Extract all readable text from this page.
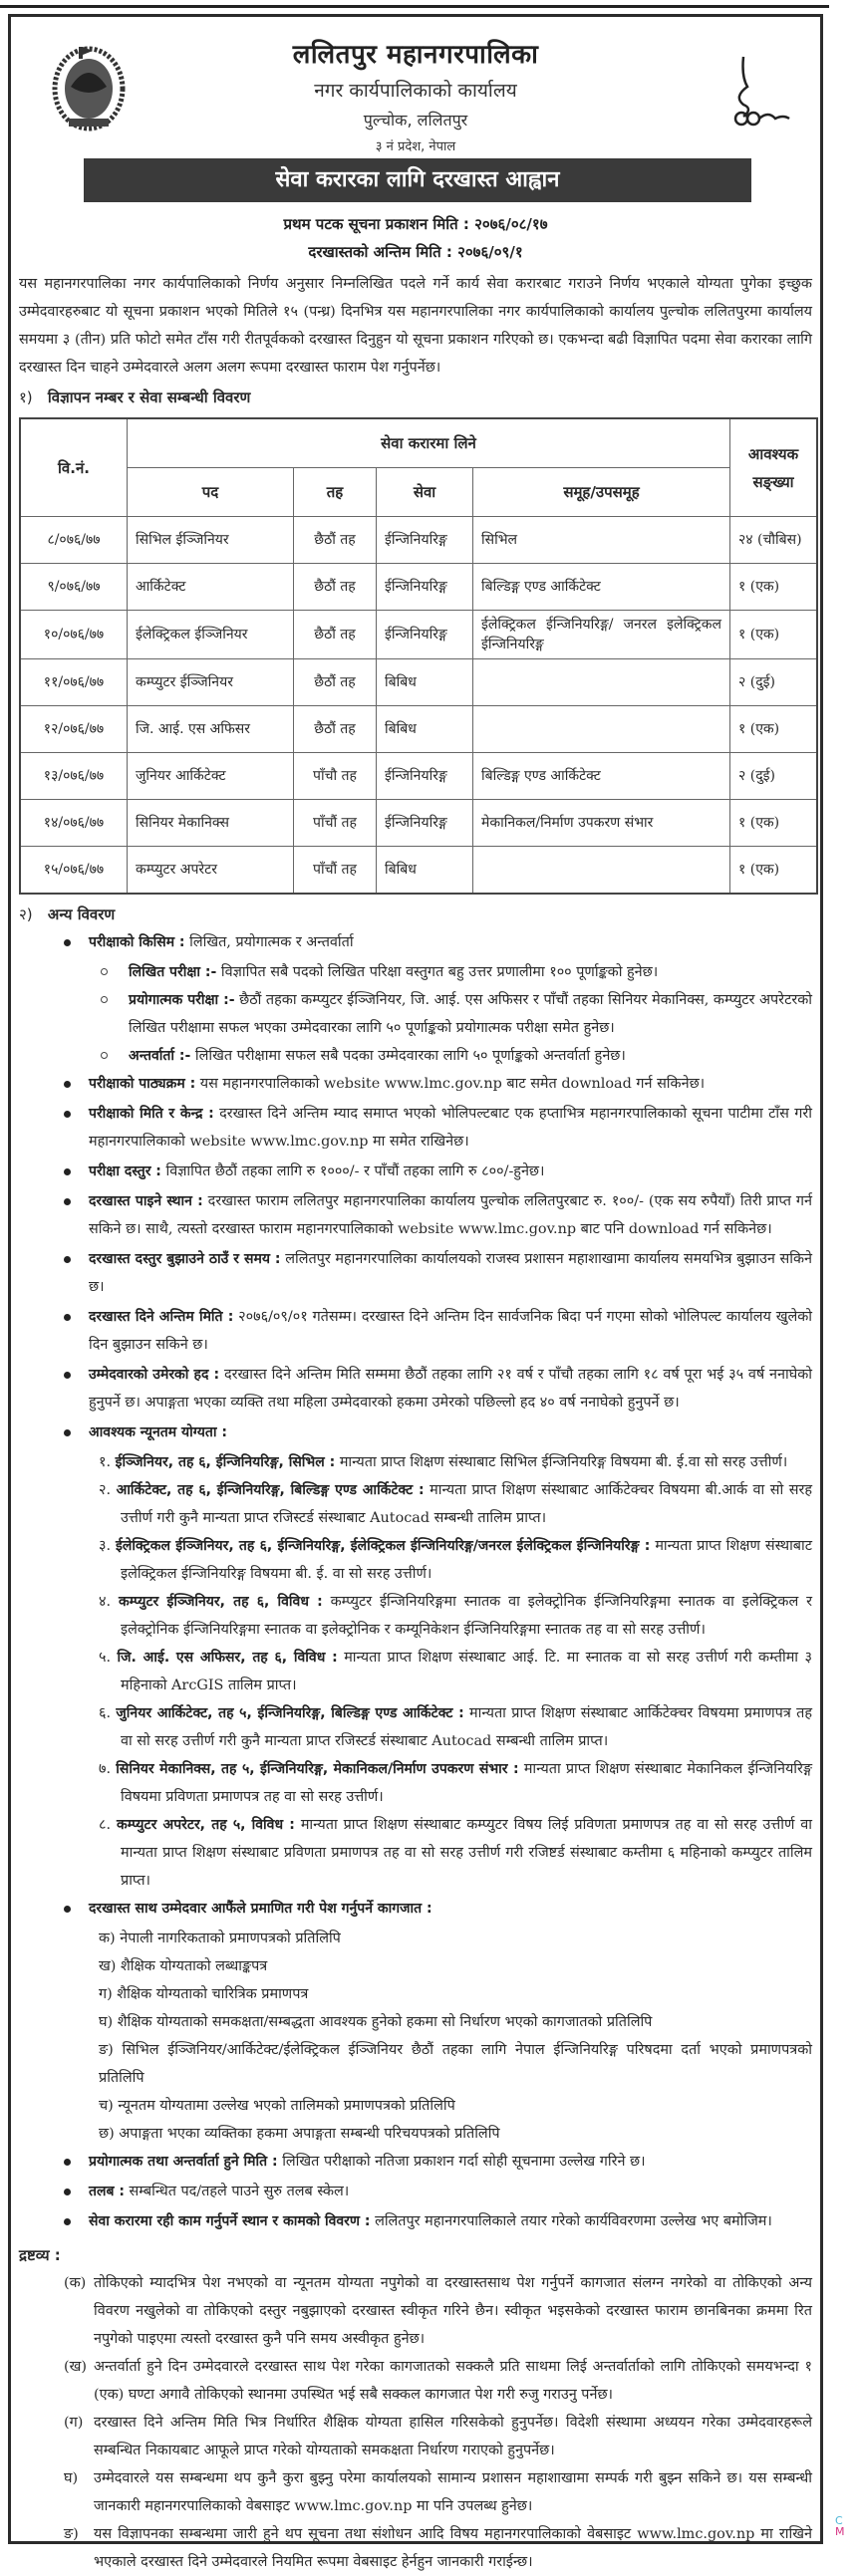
ललितपुर महानगरपालिका
नगर कार्यपालिकाको कार्यालय
पुल्चोक, ललितपुर
३ नं प्रदेश, नेपाल
सेवा करारका लागि दरखास्त आह्वान
प्रथम पटक सूचना प्रकाशन मिति : २०७६/०८/१७
दरखास्तको अन्तिम मिति : २०७६/०९/१

यस महानगरपालिका नगर कार्यपालिकाको निर्णय अनुसार निम्नलिखित पदले गर्ने कार्य सेवा करारबाट गराउने निर्णय भएकाले योग्यता पुगेका इच्छुक उम्मेदवारहरुबाट यो सूचना प्रकाशन भएको मितिले १५ (पन्ध्र) दिनभित्र यस महानगरपालिका नगर कार्यपालिकाको कार्यालय पुल्चोक ललितपुरमा कार्यालय समयमा ३ (तीन) प्रति फोटो समेत टाँस गरी रीतपूर्वकको दरखास्त दिनुहुन यो सूचना प्रकाशन गरिएको छ। एकभन्दा बढी विज्ञापित पदमा सेवा करारका लागि दरखास्त दिन चाहने उम्मेदवारले अलग अलग रूपमा दरखास्त फाराम पेश गर्नुपर्नेछ।

१) विज्ञापन नम्बर र सेवा सम्बन्धी विवरण
वि.नं.	सेवा करारमा लिने				आवश्यक सङ्ख्या
	पद	तह	सेवा	समूह/उपसमूह	
८/०७६/७७	सिभिल ईञ्जिनियर	छैठौं तह	ईन्जिनियरिङ्ग	सिभिल	२४ (चौबिस)
९/०७६/७७	आर्किटेक्ट	छैठौं तह	ईन्जिनियरिङ्ग	बिल्डिङ्ग एण्ड आर्किटेक्ट	१ (एक)
१०/०७६/७७	ईलेक्ट्रिकल ईञ्जिनियर	छैठौं तह	ईन्जिनियरिङ्ग	ईलेक्ट्रिकल ईन्जिनियरिङ्ग/ जनरल इलेक्ट्रिकल ईन्जिनियरिङ्ग	१ (एक)
११/०७६/७७	कम्प्युटर ईञ्जिनियर	छैठौं तह	बिबिध		२ (दुई)
१२/०७६/७७	जि. आई. एस अफिसर	छैठौं तह	बिबिध		१ (एक)
१३/०७६/७७	जुनियर आर्किटेक्ट	पाँचौ तह	ईन्जिनियरिङ्ग	बिल्डिङ्ग एण्ड आर्किटेक्ट	२ (दुई)
१४/०७६/७७	सिनियर मेकानिक्स	पाँचौं तह	ईन्जिनियरिङ्ग	मेकानिकल/निर्माण उपकरण संभार	१ (एक)
१५/०७६/७७	कम्प्युटर अपरेटर	पाँचौं तह	बिबिध		१ (एक)
२) अन्य विवरण
परीक्षाको किसिम : लिखित, प्रयोगात्मक र अन्तर्वार्ता
लिखित परीक्षा :- विज्ञापित सबै पदको लिखित परिक्षा वस्तुगत बहु उत्तर प्रणालीमा १०० पूर्णाङ्कको हुनेछ।
प्रयोगात्मक परीक्षा :- छैठौं तहका कम्प्युटर ईञ्जिनियर, जि. आई. एस अफिसर र पाँचौं तहका सिनियर मेकानिक्स, कम्प्युटर अपरेटरको लिखित परीक्षामा सफल भएका उम्मेदवारका लागि ५० पूर्णाङ्कको प्रयोगात्मक परीक्षा समेत हुनेछ।
अन्तर्वार्ता :- लिखित परीक्षामा सफल सबै पदका उम्मेदवारका लागि ५० पूर्णाङ्कको अन्तर्वार्ता हुनेछ।
परीक्षाको पाठ्यक्रम : यस महानगरपालिकाको website www.lmc.gov.np बाट समेत download गर्न सकिनेछ।
परीक्षाको मिति र केन्द्र : दरखास्त दिने अन्तिम म्याद समाप्त भएको भोलिपल्टबाट एक हप्ताभित्र महानगरपालिकाको सूचना पाटीमा टाँस गरी महानगरपालिकाको website www.lmc.gov.np मा समेत राखिनेछ।
परीक्षा दस्तुर : विज्ञापित छैठौं तहका लागि रु १०००/- र पाँचौं तहका लागि रु ८००/-हुनेछ।
दरखास्त पाइने स्थान : दरखास्त फाराम ललितपुर महानगरपालिका कार्यालय पुल्चोक ललितपुरबाट रु. १००/- (एक सय रुपैयाँ) तिरी प्राप्त गर्न सकिने छ। साथै, त्यस्तो दरखास्त फाराम महानगरपालिकाको website www.lmc.gov.np बाट पनि download गर्न सकिनेछ।
दरखास्त दस्तुर बुझाउने ठाउँ र समय : ललितपुर महानगरपालिका कार्यालयको राजस्व प्रशासन महाशाखामा कार्यालय समयभित्र बुझाउन सकिने छ।
दरखास्त दिने अन्तिम मिति : २०७६/०९/०१ गतेसम्म। दरखास्त दिने अन्तिम दिन सार्वजनिक बिदा पर्न गएमा सोको भोलिपल्ट कार्यालय खुलेको दिन बुझाउन सकिने छ।
उम्मेदवारको उमेरको हद : दरखास्त दिने अन्तिम मिति सम्ममा छैठौं तहका लागि २१ वर्ष र पाँचौ तहका लागि १८ वर्ष पूरा भई ३५ वर्ष ननाघेको हुनुपर्ने छ। अपाङ्गता भएका व्यक्ति तथा महिला उम्मेदवारको हकमा उमेरको पछिल्लो हद ४० वर्ष ननाघेको हुनुपर्ने छ।
आवश्यक न्यूनतम योग्यता :
१. ईञ्जिनियर, तह ६, ईन्जिनियरिङ्ग, सिभिल : मान्यता प्राप्त शिक्षण संस्थाबाट सिभिल ईन्जिनियरिङ्ग विषयमा बी. ई.वा सो सरह उत्तीर्ण।
२. आर्किटेक्ट, तह ६, ईन्जिनियरिङ्ग, बिल्डिङ्ग एण्ड आर्किटेक्ट : मान्यता प्राप्त शिक्षण संस्थाबाट आर्किटेक्चर विषयमा बी.आर्क वा सो सरह उत्तीर्ण गरी कुनै मान्यता प्राप्त रजिस्टर्ड संस्थाबाट Autocad सम्बन्धी तालिम प्राप्त।
३. ईलेक्ट्रिकल ईञ्जिनियर, तह ६, ईन्जिनियरिङ्ग, ईलेक्ट्रिकल ईन्जिनियरिङ्ग/जनरल ईलेक्ट्रिकल ईन्जिनियरिङ्ग : मान्यता प्राप्त शिक्षण संस्थाबाट इलेक्ट्रिकल ईन्जिनियरिङ्ग विषयमा बी. ई. वा सो सरह उत्तीर्ण।
४. कम्प्युटर ईञ्जिनियर, तह ६, विविध : कम्प्युटर ईन्जिनियरिङ्गमा स्नातक वा इलेक्ट्रोनिक ईन्जिनियरिङ्गमा स्नातक वा इलेक्ट्रिकल र इलेक्ट्रोनिक ईन्जिनियरिङ्गमा स्नातक वा इलेक्ट्रोनिक र कम्यूनिकेशन ईन्जिनियरिङ्गमा स्नातक तह वा सो सरह उत्तीर्ण।
५. जि. आई. एस अफिसर, तह ६, विविध : मान्यता प्राप्त शिक्षण संस्थाबाट आई. टि. मा स्नातक वा सो सरह उत्तीर्ण गरी कम्तीमा ३ महिनाको ArcGIS तालिम प्राप्त।
६. जुनियर आर्किटेक्ट, तह ५, ईन्जिनियरिङ्ग, बिल्डिङ्ग एण्ड आर्किटेक्ट : मान्यता प्राप्त शिक्षण संस्थाबाट आर्किटेक्चर विषयमा प्रमाणपत्र तह वा सो सरह उत्तीर्ण गरी कुनै मान्यता प्राप्त रजिस्टर्ड संस्थाबाट Autocad सम्बन्धी तालिम प्राप्त।
७. सिनियर मेकानिक्स, तह ५, ईन्जिनियरिङ्ग, मेकानिकल/निर्माण उपकरण संभार : मान्यता प्राप्त शिक्षण संस्थाबाट मेकानिकल ईन्जिनियरिङ्ग विषयमा प्रविणता प्रमाणपत्र तह वा सो सरह उत्तीर्ण।
८. कम्प्युटर अपरेटर, तह ५, विविध : मान्यता प्राप्त शिक्षण संस्थाबाट कम्प्युटर विषय लिई प्रविणता प्रमाणपत्र तह वा सो सरह उत्तीर्ण वा मान्यता प्राप्त शिक्षण संस्थाबाट प्रविणता प्रमाणपत्र तह वा सो सरह उत्तीर्ण गरी रजिष्टर्ड संस्थाबाट कम्तीमा ६ महिनाको कम्प्युटर तालिम प्राप्त।
दरखास्त साथ उम्मेदवार आफैंले प्रमाणित गरी पेश गर्नुपर्ने कागजात :
क) नेपाली नागरिकताको प्रमाणपत्रको प्रतिलिपि
ख) शैक्षिक योग्यताको लब्धाङ्कपत्र
ग) शैक्षिक योग्यताको चारित्रिक प्रमाणपत्र
घ) शैक्षिक योग्यताको समकक्षता/सम्बद्धता आवश्यक हुनेको हकमा सो निर्धारण भएको कागजातको प्रतिलिपि
ङ) सिभिल ईञ्जिनियर/आर्किटेक्ट/ईलेक्ट्रिकल ईञ्जिनियर छैठौं तहका लागि नेपाल ईन्जिनियरिङ्ग परिषदमा दर्ता भएको प्रमाणपत्रको प्रतिलिपि
च) न्यूनतम योग्यतामा उल्लेख भएको तालिमको प्रमाणपत्रको प्रतिलिपि
छ) अपाङ्गता भएका व्यक्तिका हकमा अपाङ्गता सम्बन्धी परिचयपत्रको प्रतिलिपि
प्रयोगात्मक तथा अन्तर्वार्ता हुने मिति : लिखित परीक्षाको नतिजा प्रकाशन गर्दा सोही सूचनामा उल्लेख गरिने छ।
तलब : सम्बन्धित पद/तहले पाउने सुरु तलब स्केल।
सेवा करारमा रही काम गर्नुपर्ने स्थान र कामको विवरण : ललितपुर महानगरपालिकाले तयार गरेको कार्यविवरणमा उल्लेख भए बमोजिम।
द्रष्टव्य :
(क) तोकिएको म्यादभित्र पेश नभएको वा न्यूनतम योग्यता नपुगेको वा दरखास्तसाथ पेश गर्नुपर्ने कागजात संलग्न नगरेको वा तोकिएको अन्य विवरण नखुलेको वा तोकिएको दस्तुर नबुझाएको दरखास्त स्वीकृत गरिने छैन। स्वीकृत भइसकेको दरखास्त फाराम छानबिनका क्रममा रित नपुगेको पाइएमा त्यस्तो दरखास्त कुनै पनि समय अस्वीकृत हुनेछ।
(ख) अन्तर्वार्ता हुने दिन उम्मेदवारले दरखास्त साथ पेश गरेका कागजातको सक्कलै प्रति साथमा लिई अन्तर्वार्ताको लागि तोकिएको समयभन्दा १ (एक) घण्टा अगावै तोकिएको स्थानमा उपस्थित भई सबै सक्कल कागजात पेश गरी रुजु गराउनु पर्नेछ।
(ग) दरखास्त दिने अन्तिम मिति भित्र निर्धारित शैक्षिक योग्यता हासिल गरिसकेको हुनुपर्नेछ। विदेशी संस्थामा अध्ययन गरेका उम्मेदवारहरूले सम्बन्धित निकायबाट आफूले प्राप्त गरेको योग्यताको समकक्षता निर्धारण गराएको हुनुपर्नेछ।
घ) उम्मेदवारले यस सम्बन्धमा थप कुनै कुरा बुझ्नु परेमा कार्यालयको सामान्य प्रशासन महाशाखामा सम्पर्क गरी बुझ्न सकिने छ। यस सम्बन्धी जानकारी महानगरपालिकाको वेबसाइट www.lmc.gov.np मा पनि उपलब्ध हुनेछ।
ङ) यस विज्ञापनका सम्बन्धमा जारी हुने थप सूचना तथा संशोधन आदि विषय महानगरपालिकाको वेबसाइट www.lmc.gov.np मा राखिने भएकाले दरखास्त दिने उम्मेदवारले नियमित रूपमा वेबसाइट हेर्नहुन जानकारी गराईन्छ।
C
M
